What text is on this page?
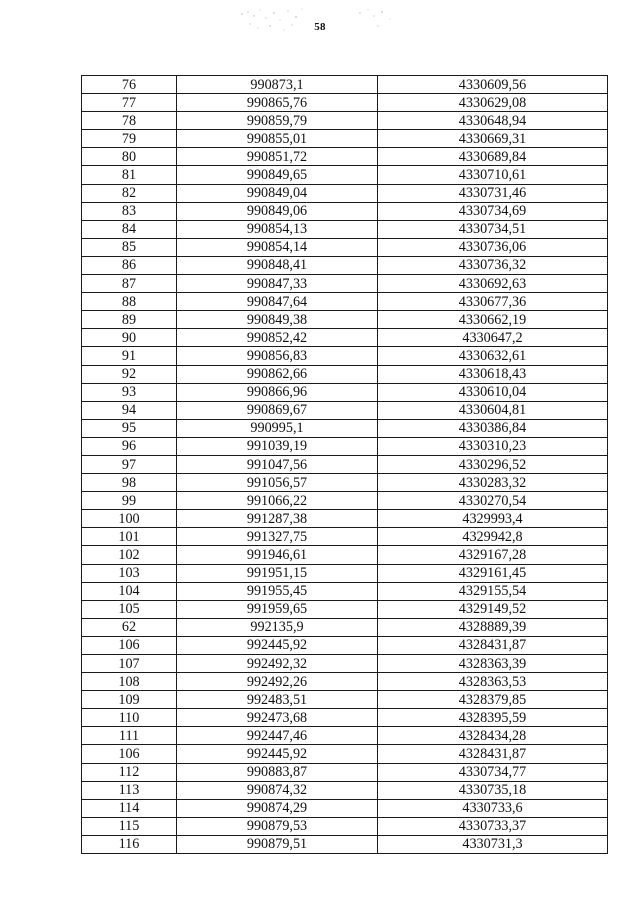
58
76	990873,1	4330609,56
77	990865,76	4330629,08
78	990859,79	4330648,94
79	990855,01	4330669,31
80	990851,72	4330689,84
81	990849,65	4330710,61
82	990849,04	4330731,46
83	990849,06	4330734,69
84	990854,13	4330734,51
85	990854,14	4330736,06
86	990848,41	4330736,32
87	990847,33	4330692,63
88	990847,64	4330677,36
89	990849,38	4330662,19
90	990852,42	4330647,2
91	990856,83	4330632,61
92	990862,66	4330618,43
93	990866,96	4330610,04
94	990869,67	4330604,81
95	990995,1	4330386,84
96	991039,19	4330310,23
97	991047,56	4330296,52
98	991056,57	4330283,32
99	991066,22	4330270,54
100	991287,38	4329993,4
101	991327,75	4329942,8
102	991946,61	4329167,28
103	991951,15	4329161,45
104	991955,45	4329155,54
105	991959,65	4329149,52
62	992135,9	4328889,39
106	992445,92	4328431,87
107	992492,32	4328363,39
108	992492,26	4328363,53
109	992483,51	4328379,85
110	992473,68	4328395,59
111	992447,46	4328434,28
106	992445,92	4328431,87
112	990883,87	4330734,77
113	990874,32	4330735,18
114	990874,29	4330733,6
115	990879,53	4330733,37
116	990879,51	4330731,3
